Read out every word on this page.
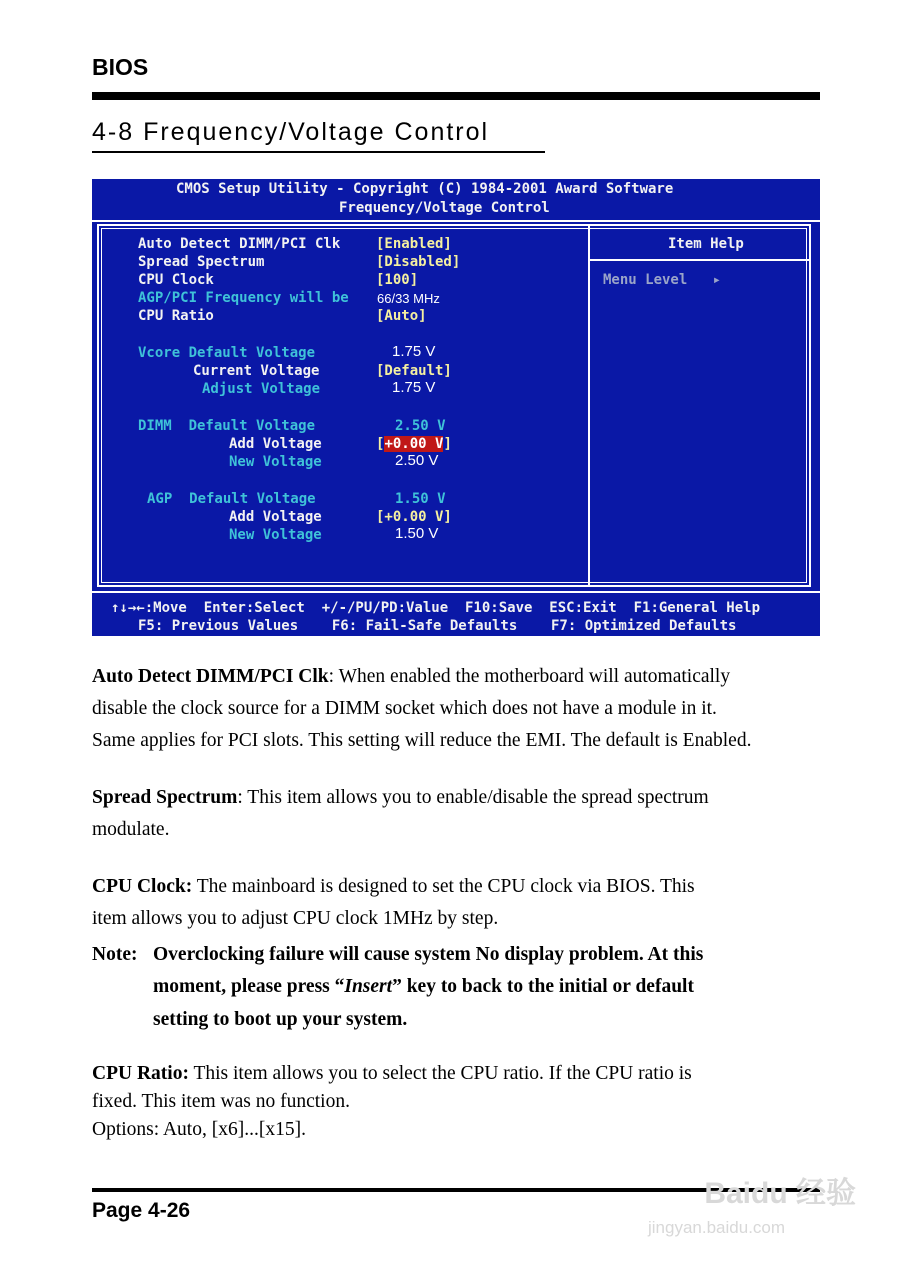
BIOS
4-8 Frequency/Voltage Control
CMOS Setup Utility - Copyright (C) 1984-2001 Award Software
Frequency/Voltage Control
Item Help
Menu Level   ▸
Auto Detect DIMM/PCI Clk	[Enabled]
Spread Spectrum	[Disabled]
CPU Clock	[100]
AGP/PCI Frequency will be 66/33 MHz
CPU Ratio	[Auto]
Vcore Default Voltage	1.75 V
Current Voltage	[Default]
Adjust Voltage	1.75 V
DIMM  Default Voltage	2.50 V
Add Voltage	[+0.00 V]
New Voltage	2.50 V
AGP  Default Voltage	1.50 V
Add Voltage	[+0.00 V]
New Voltage	1.50 V
↑↓→←:Move  Enter:Select  +/-/PU/PD:Value  F10:Save  ESC:Exit  F1:General Help
F5: Previous Values    F6: Fail-Safe Defaults    F7: Optimized Defaults
Auto Detect DIMM/PCI Clk: When enabled the motherboard will automatically
disable the clock source for a DIMM socket which does not have a module in it.
Same applies for PCI slots. This setting will reduce the EMI. The default is Enabled.
Spread Spectrum: This item allows you to enable/disable the spread spectrum
modulate.
CPU Clock: The mainboard is designed to set the CPU clock via BIOS. This
item allows you to adjust CPU clock 1MHz by step.
Note: Overclocking failure will cause system No display problem. At this
moment, please press “Insert” key to back to the initial or default
setting to boot up your system.
CPU Ratio: This item allows you to select the CPU ratio. If the CPU ratio is
fixed. This item was no function.
Options: Auto, [x6]...[x15].
Page 4-26
Baidu 经验
jingyan.baidu.com
